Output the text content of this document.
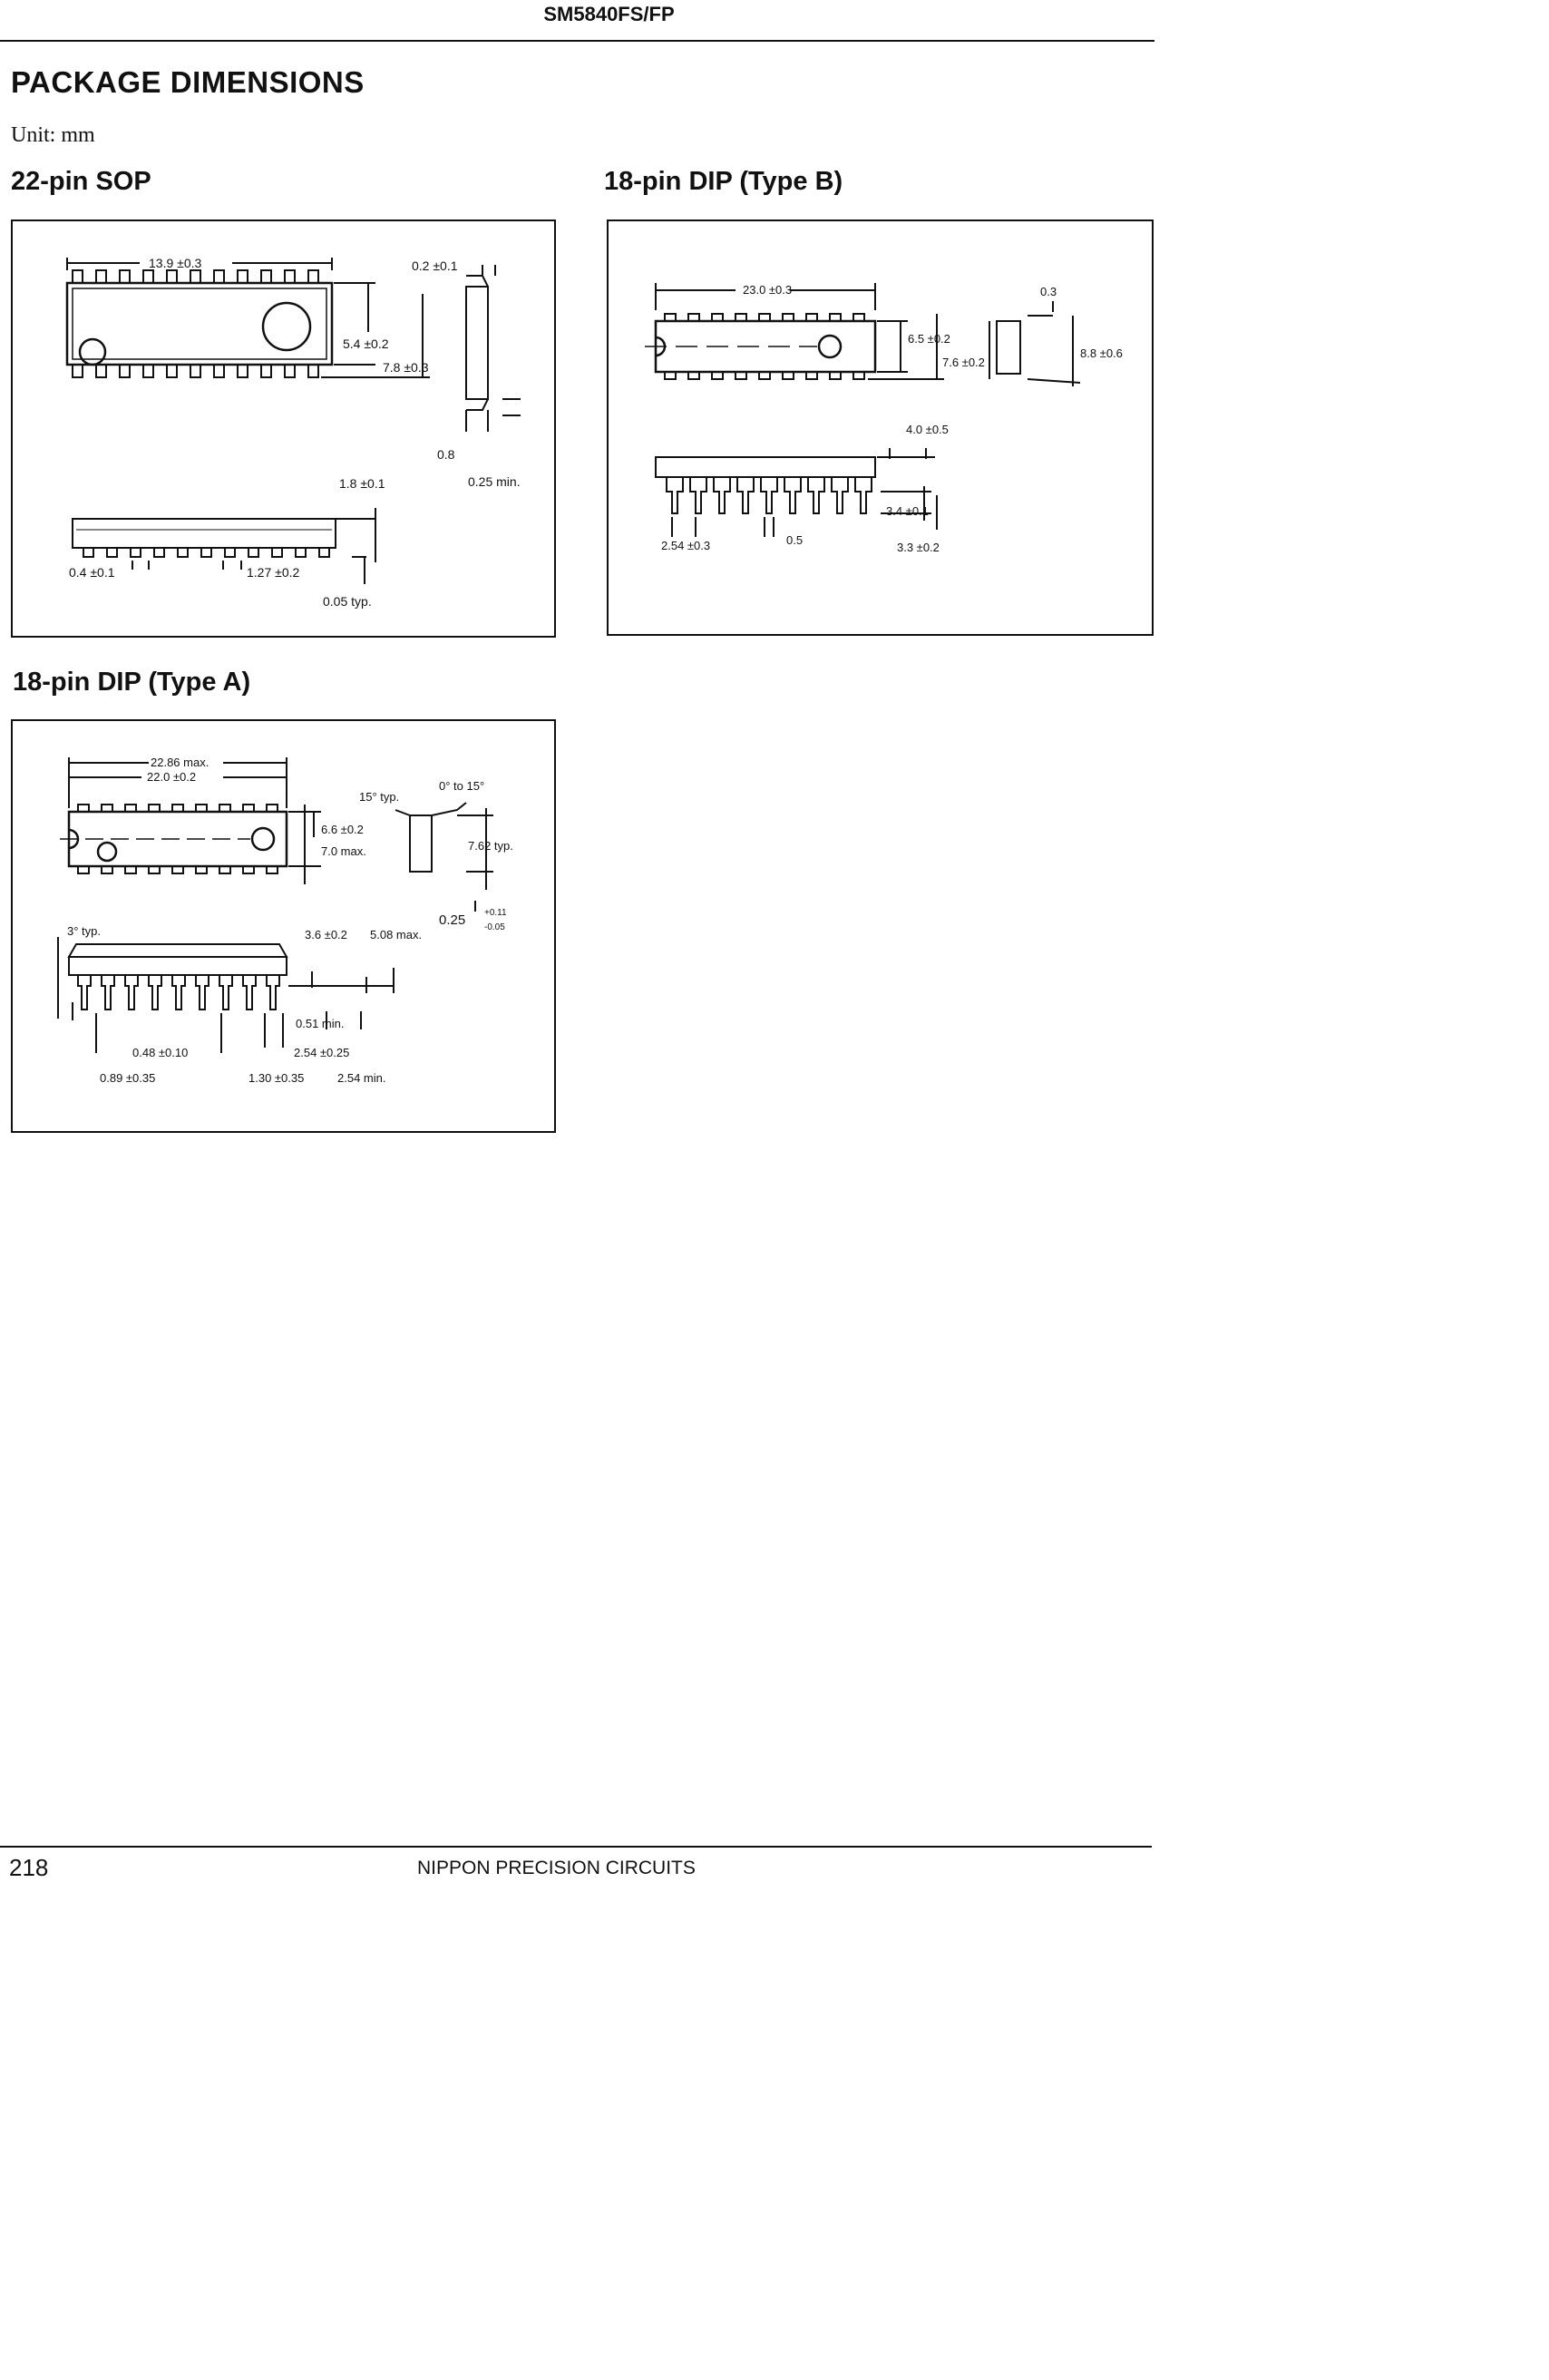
SM5840FS/FP
PACKAGE DIMENSIONS
Unit: mm
22-pin SOP
13.9 ±0.3	0.2 ±0.1
5.4 ±0.2
7.8 ±0.3
0.8
0.25 min.
1.8 ±0.1
0.4 ±0.1	1.27 ±0.2
0.05 typ.
18-pin DIP (Type B)
23.0 ±0.3	0.3
6.5 ±0.2
7.6 ±0.2
8.8 ±0.6
4.0 ±0.5
3.4 ±0.1
2.54 ±0.3	0.5
3.3 ±0.2
18-pin DIP (Type A)
22.86 max.
22.0 ±0.2
15° typ.
0° to 15°
6.6 ±0.2
7.0 max.	7.62 typ.
0.25 +0.11
-0.05
3° typ.	3.6 ±0.2 5.08 max.
0.51 min.
0.48 ±0.10	2.54 ±0.25
0.89 ±0.35	1.30 ±0.35	2.54 min.
218	NIPPON PRECISION CIRCUITS
